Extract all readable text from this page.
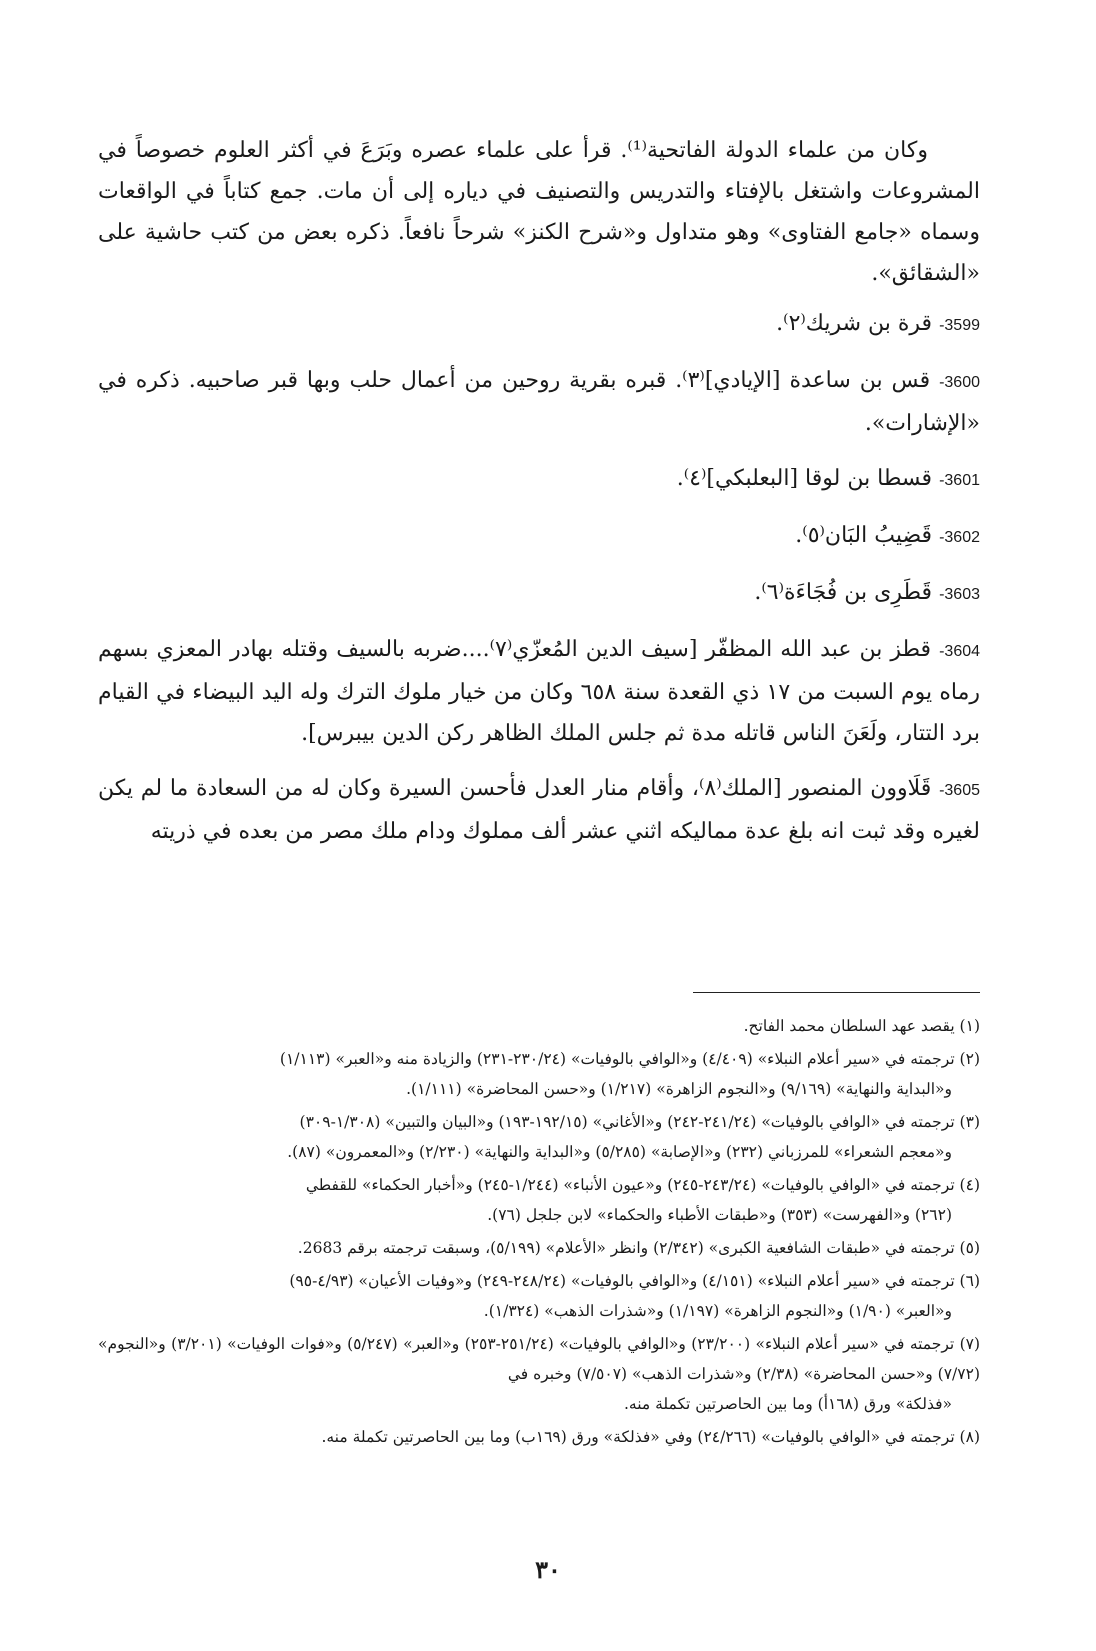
وكان من علماء الدولة الفاتحية⁽¹⁾. قرأ على علماء عصره وبَرَعَ في أكثر العلوم خصوصاً في المشروعات واشتغل بالإفتاء والتدريس والتصنيف في دياره إلى أن مات. جمع كتاباً في الواقعات وسماه «جامع الفتاوى» وهو متداول و«شرح الكنز» شرحاً نافعاً. ذكره بعض من كتب حاشية على «الشقائق».

3599- قرة بن شريك⁽٢⁾.

3600- قس بن ساعدة [الإيادي]⁽٣⁾. قبره بقرية روحين من أعمال حلب وبها قبر صاحبيه. ذكره في «الإشارات».

3601- قسطا بن لوقا [البعلبكي]⁽٤⁾.

3602- قَضِيبُ البَان⁽٥⁾.

3603- قَطَرِى بن فُجَاءَة⁽٦⁾.

3604- قطز بن عبد الله المظفّر [سيف الدين المُعزّي⁽٧⁾....ضربه بالسيف وقتله بهادر المعزي بسهم رماه يوم السبت من ١٧ ذي القعدة سنة ٦٥٨ وكان من خيار ملوك الترك وله اليد البيضاء في القيام برد التتار، ولَعَنَ الناس قاتله مدة ثم جلس الملك الظاهر ركن الدين بيبرس].

3605- قَلَاوون المنصور [الملك⁽٨⁾، وأقام منار العدل فأحسن السيرة وكان له من السعادة ما لم يكن لغيره وقد ثبت انه بلغ عدة مماليكه اثني عشر ألف مملوك ودام ملك مصر من بعده في ذريته

(١) يقصد عهد السلطان محمد الفاتح.

(٢) ترجمته في «سير أعلام النبلاء» (٤/٤٠٩) و«الوافي بالوفيات» (٢٣٠/٢٤-٢٣١) والزيادة منه و«العبر» (١/١١٣)
و«البداية والنهاية» (٩/١٦٩) و«النجوم الزاهرة» (١/٢١٧) و«حسن المحاضرة» (١/١١١).

(٣) ترجمته في «الوافي بالوفيات» (٢٤١/٢٤-٢٤٢) و«الأغاني» (١٩٢/١٥-١٩٣) و«البيان والتبين» (١/٣٠٨-٣٠٩)
و«معجم الشعراء» للمرزباني (٢٣٢) و«الإصابة» (٥/٢٨٥) و«البداية والنهاية» (٢/٢٣٠) و«المعمرون» (٨٧).

(٤) ترجمته في «الوافي بالوفيات» (٢٤٣/٢٤-٢٤٥) و«عيون الأنباء» (١/٢٤٤-٢٤٥) و«أخبار الحكماء» للقفطي
(٢٦٢) و«الفهرست» (٣٥٣) و«طبقات الأطباء والحكماء» لابن جلجل (٧٦).

(٥) ترجمته في «طبقات الشافعية الكبرى» (٢/٣٤٢) وانظر «الأعلام» (٥/١٩٩)، وسبقت ترجمته برقم 2683.

(٦) ترجمته في «سير أعلام النبلاء» (٤/١٥١) و«الوافي بالوفيات» (٢٤٨/٢٤-٢٤٩) و«وفيات الأعيان» (٤/٩٣-٩٥)
و«العبر» (١/٩٠) و«النجوم الزاهرة» (١/١٩٧) و«شذرات الذهب» (١/٣٢٤).

(٧) ترجمته في «سير أعلام النبلاء» (٢٣/٢٠٠) و«الوافي بالوفيات» (٢٥١/٢٤-٢٥٣) و«العبر» (٥/٢٤٧) و«فوات الوفيات» (٣/٢٠١) و«النجوم» (٧/٧٢) و«حسن المحاضرة» (٢/٣٨) و«شذرات الذهب» (٧/٥٠٧) وخبره في
«فذلكة» ورق (١٦٨أ) وما بين الحاصرتين تكملة منه.

(٨) ترجمته في «الوافي بالوفيات» (٢٤/٢٦٦) وفي «فذلكة» ورق (١٦٩ب) وما بين الحاصرتين تكملة منه.

٣٠
